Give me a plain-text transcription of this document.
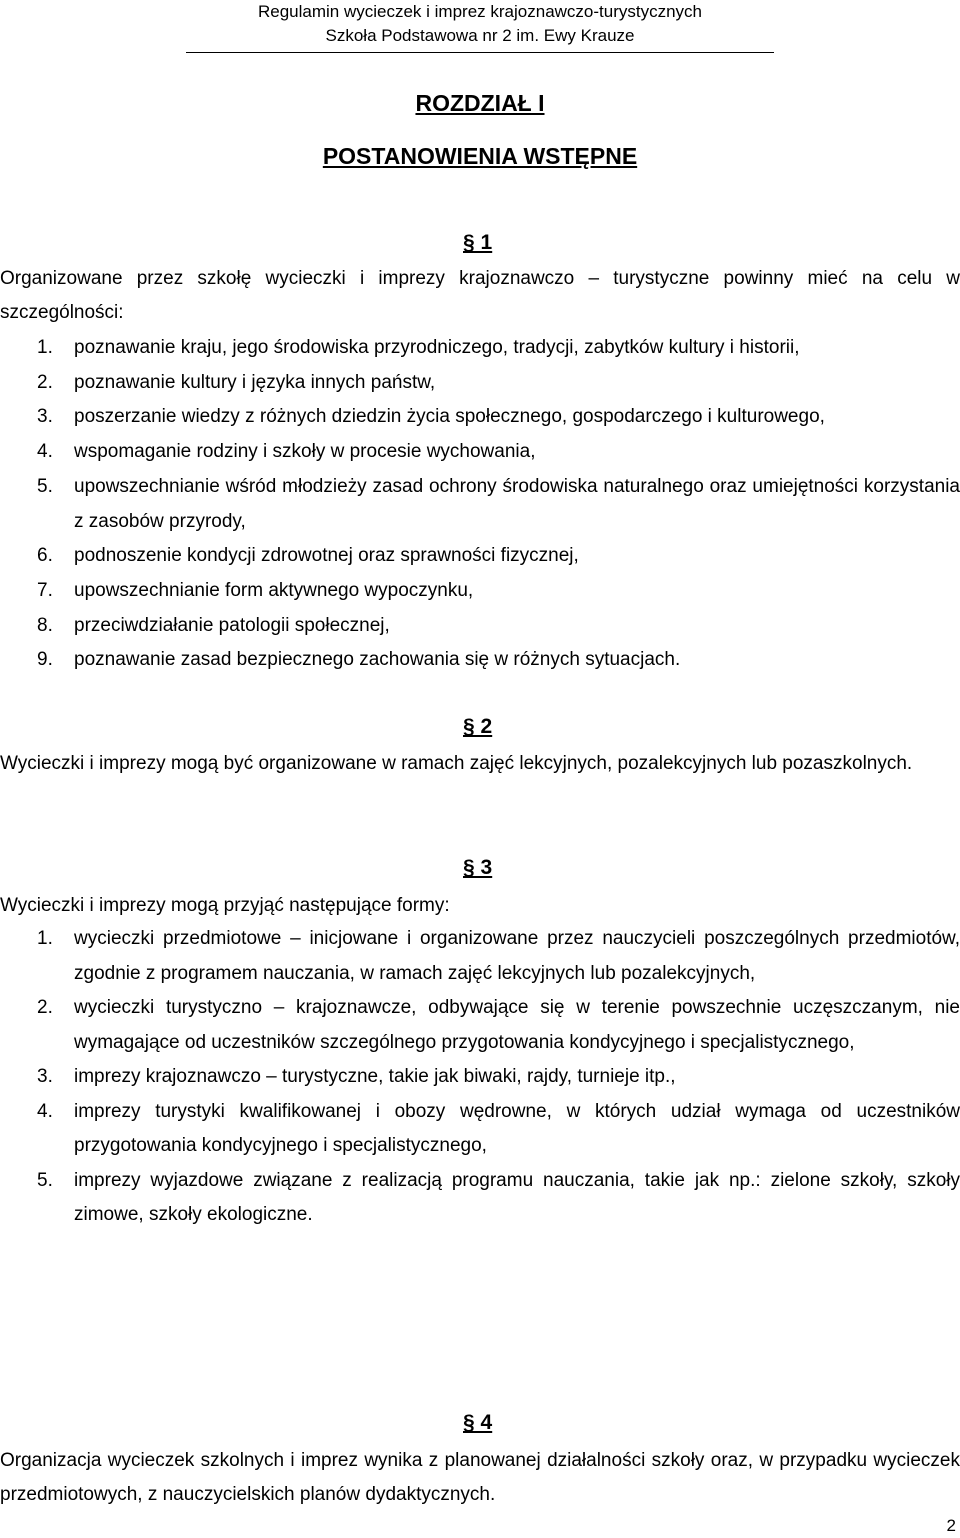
Regulamin wycieczek i imprez krajoznawczo-turystycznych
Szkoła Podstawowa nr 2 im. Ewy Krauze
ROZDZIAŁ I
POSTANOWIENIA WSTĘPNE
§ 1

Organizowane przez szkołę wycieczki i imprezy krajoznawczo – turystyczne powinny mieć na celu w szczególności:

1. poznawanie kraju, jego środowiska przyrodniczego, tradycji, zabytków kultury i historii,
2. poznawanie kultury i języka innych państw,
3. poszerzanie wiedzy z różnych dziedzin życia społecznego, gospodarczego i kulturowego,
4. wspomaganie rodziny i szkoły w procesie wychowania,
5. upowszechnianie wśród młodzieży zasad ochrony środowiska naturalnego oraz umiejętności korzystania z zasobów przyrody,
6. podnoszenie kondycji zdrowotnej oraz sprawności fizycznej,
7. upowszechnianie form aktywnego wypoczynku,
8. przeciwdziałanie patologii społecznej,
9. poznawanie zasad bezpiecznego zachowania się w różnych sytuacjach.
§ 2

Wycieczki i imprezy mogą być organizowane w ramach zajęć lekcyjnych, pozalekcyjnych lub pozaszkolnych.

§ 3

Wycieczki i imprezy mogą przyjąć następujące formy:

1. wycieczki przedmiotowe – inicjowane i organizowane przez nauczycieli poszczególnych przedmiotów, zgodnie z programem nauczania, w ramach zajęć lekcyjnych lub pozalekcyjnych,
2. wycieczki turystyczno – krajoznawcze, odbywające się w terenie powszechnie uczęszczanym, nie wymagające od uczestników szczególnego przygotowania kondycyjnego i specjalistycznego,
3. imprezy krajoznawczo – turystyczne, takie jak biwaki, rajdy, turnieje itp.,
4. imprezy turystyki kwalifikowanej i obozy wędrowne, w których udział wymaga od uczestników przygotowania kondycyjnego i specjalistycznego,
5. imprezy wyjazdowe związane z realizacją programu nauczania, takie jak np.: zielone szkoły, szkoły zimowe, szkoły ekologiczne.
§ 4

Organizacja wycieczek szkolnych i imprez wynika z planowanej działalności szkoły oraz, w przypadku wycieczek przedmiotowych, z nauczycielskich planów dydaktycznych.

2
